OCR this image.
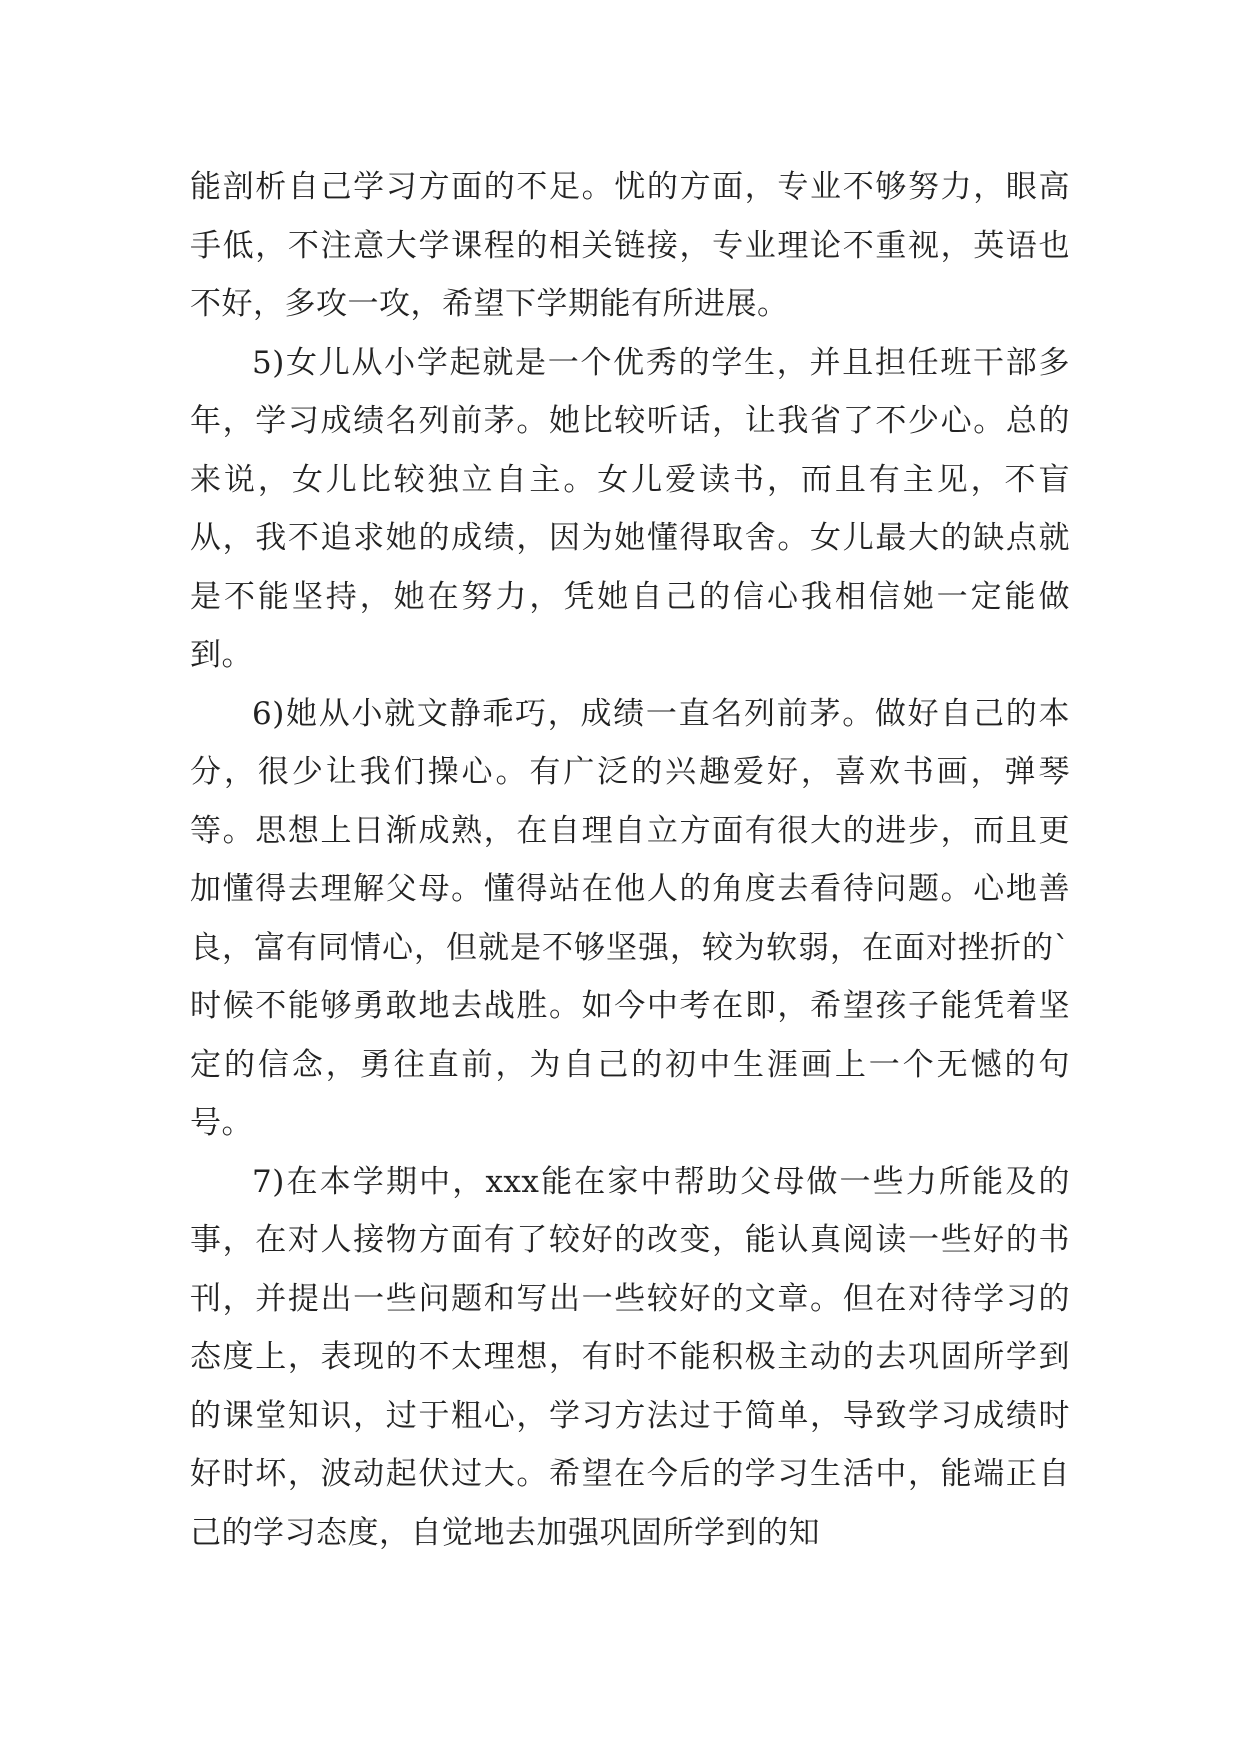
能剖析自己学习方面的不足。忧的方面，专业不够努力，眼高手低，不注意大学课程的相关链接，专业理论不重视，英语也不好，多攻一攻，希望下学期能有所进展。

5)女儿从小学起就是一个优秀的学生，并且担任班干部多年，学习成绩名列前茅。她比较听话，让我省了不少心。总的来说，女儿比较独立自主。女儿爱读书，而且有主见，不盲从，我不追求她的成绩，因为她懂得取舍。女儿最大的缺点就是不能坚持，她在努力，凭她自己的信心我相信她一定能做到。

6)她从小就文静乖巧，成绩一直名列前茅。做好自己的本分，很少让我们操心。有广泛的兴趣爱好，喜欢书画，弹琴等。思想上日渐成熟，在自理自立方面有很大的进步，而且更加懂得去理解父母。懂得站在他人的角度去看待问题。心地善良，富有同情心，但就是不够坚强，较为软弱，在面对挫折的`时候不能够勇敢地去战胜。如今中考在即，希望孩子能凭着坚定的信念，勇往直前，为自己的初中生涯画上一个无憾的句号。

7)在本学期中，xxx能在家中帮助父母做一些力所能及的事，在对人接物方面有了较好的改变，能认真阅读一些好的书刊，并提出一些问题和写出一些较好的文章。但在对待学习的态度上，表现的不太理想，有时不能积极主动的去巩固所学到的课堂知识，过于粗心，学习方法过于简单，导致学习成绩时好时坏，波动起伏过大。希望在今后的学习生活中，能端正自己的学习态度，自觉地去加强巩固所学到的知
